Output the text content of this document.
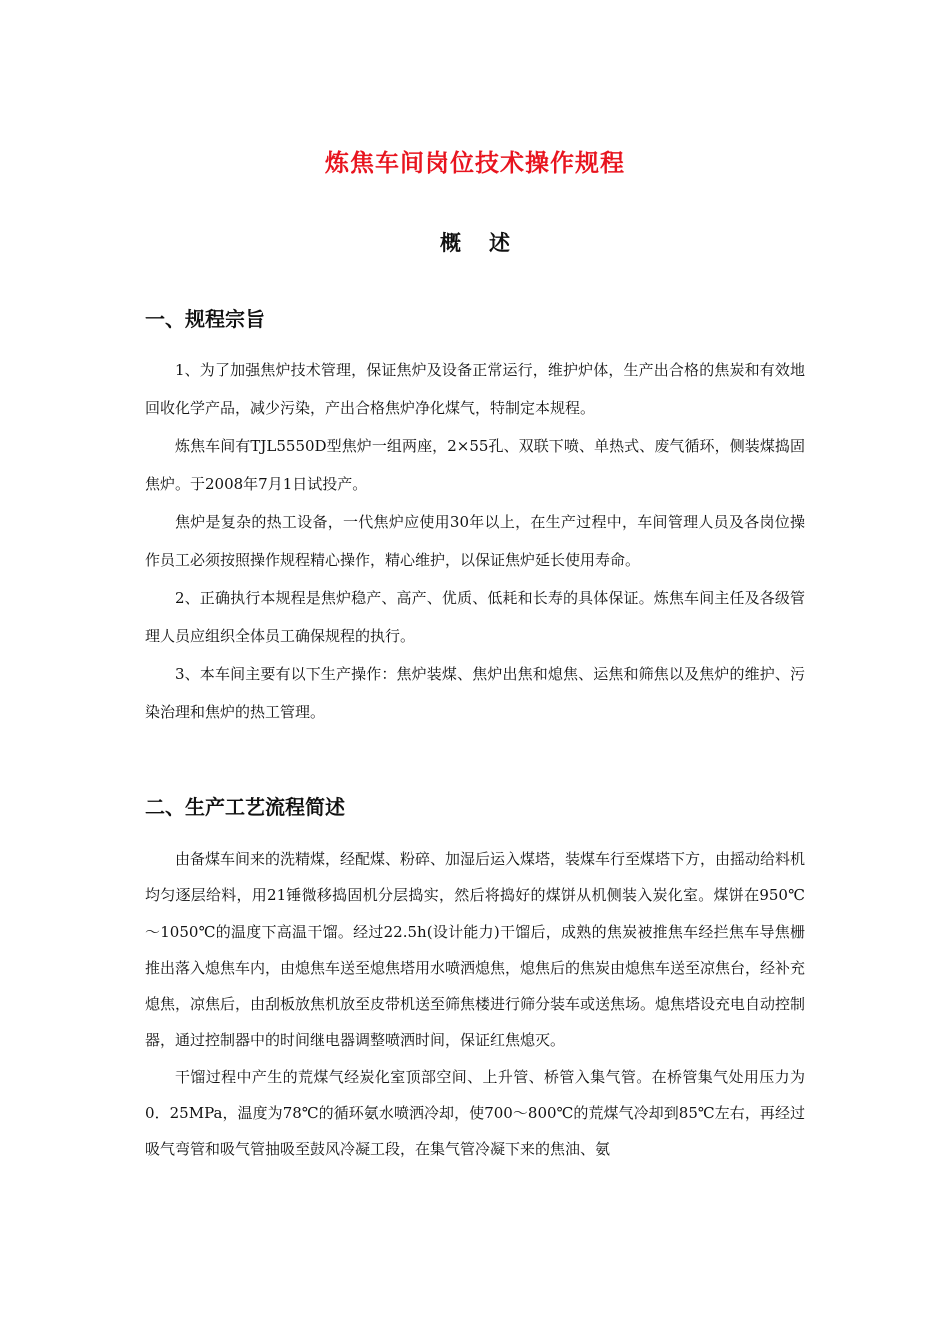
炼焦车间岗位技术操作规程
概述
一、规程宗旨

1、为了加强焦炉技术管理，保证焦炉及设备正常运行，维护炉体，生产出合格的焦炭和有效地回收化学产品，减少污染，产出合格焦炉净化煤气，特制定本规程。

炼焦车间有TJL5550D型焦炉一组两座，2×55孔、双联下喷、单热式、废气循环，侧装煤捣固焦炉。于2008年7月1日试投产。

焦炉是复杂的热工设备，一代焦炉应使用30年以上，在生产过程中，车间管理人员及各岗位操作员工必须按照操作规程精心操作，精心维护，以保证焦炉延长使用寿命。

2、正确执行本规程是焦炉稳产、高产、优质、低耗和长寿的具体保证。炼焦车间主任及各级管理人员应组织全体员工确保规程的执行。

3、本车间主要有以下生产操作：焦炉装煤、焦炉出焦和熄焦、运焦和筛焦以及焦炉的维护、污染治理和焦炉的热工管理。

二、生产工艺流程简述

由备煤车间来的洗精煤，经配煤、粉碎、加湿后运入煤塔，装煤车行至煤塔下方，由摇动给料机均匀逐层给料，用21锤微移捣固机分层捣实，然后将捣好的煤饼从机侧装入炭化室。煤饼在950℃～1050℃的温度下高温干馏。经过22.5h(设计能力)干馏后，成熟的焦炭被推焦车经拦焦车导焦栅推出落入熄焦车内，由熄焦车送至熄焦塔用水喷洒熄焦，熄焦后的焦炭由熄焦车送至凉焦台，经补充熄焦，凉焦后，由刮板放焦机放至皮带机送至筛焦楼进行筛分装车或送焦场。熄焦塔设充电自动控制器，通过控制器中的时间继电器调整喷洒时间，保证红焦熄灭。

干馏过程中产生的荒煤气经炭化室顶部空间、上升管、桥管入集气管。在桥管集气处用压力为0．25MPa，温度为78℃的循环氨水喷洒冷却，使700～800℃的荒煤气冷却到85℃左右，再经过吸气弯管和吸气管抽吸至鼓风冷凝工段，在集气管冷凝下来的焦油、氨
